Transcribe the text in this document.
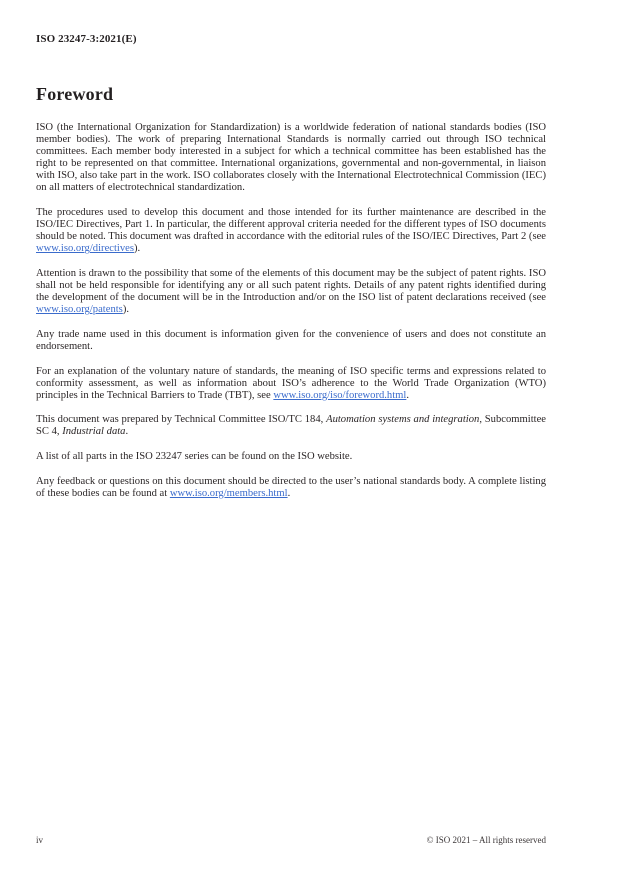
ISO 23247-3:2021(E)
Foreword

ISO (the International Organization for Standardization) is a worldwide federation of national standards bodies (ISO member bodies). The work of preparing International Standards is normally carried out through ISO technical committees. Each member body interested in a subject for which a technical committee has been established has the right to be represented on that committee. International organizations, governmental and non-governmental, in liaison with ISO, also take part in the work. ISO collaborates closely with the International Electrotechnical Commission (IEC) on all matters of electrotechnical standardization.

The procedures used to develop this document and those intended for its further maintenance are described in the ISO/IEC Directives, Part 1. In particular, the different approval criteria needed for the different types of ISO documents should be noted. This document was drafted in accordance with the editorial rules of the ISO/IEC Directives, Part 2 (see www.iso.org/directives).

Attention is drawn to the possibility that some of the elements of this document may be the subject of patent rights. ISO shall not be held responsible for identifying any or all such patent rights. Details of any patent rights identified during the development of the document will be in the Introduction and/or on the ISO list of patent declarations received (see www.iso.org/patents).

Any trade name used in this document is information given for the convenience of users and does not constitute an endorsement.

For an explanation of the voluntary nature of standards, the meaning of ISO specific terms and expressions related to conformity assessment, as well as information about ISO’s adherence to the World Trade Organization (WTO) principles in the Technical Barriers to Trade (TBT), see www.iso.org/iso/foreword.html.

This document was prepared by Technical Committee ISO/TC 184, Automation systems and integration, Subcommittee SC 4, Industrial data.

A list of all parts in the ISO 23247 series can be found on the ISO website.

Any feedback or questions on this document should be directed to the user’s national standards body. A complete listing of these bodies can be found at www.iso.org/members.html.

iv	© ISO 2021 – All rights reserved
